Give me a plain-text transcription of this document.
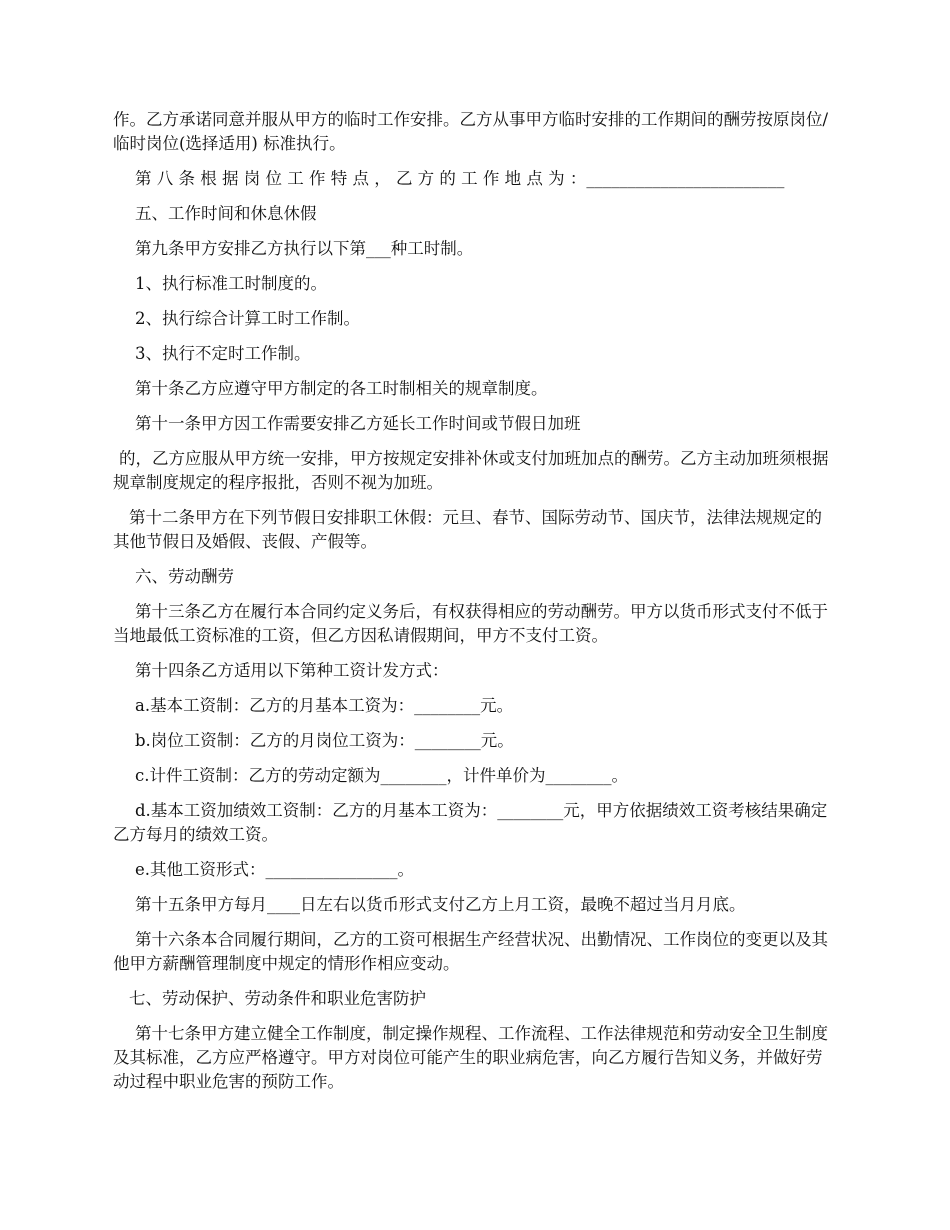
作。乙方承诺同意并服从甲方的临时工作安排。乙方从事甲方临时安排的工作期间的酬劳按原岗位/临时岗位(选择适用) 标准执行。

第 八 条 根 据 岗 位 工 作 特 点 ， 乙 方 的 工 作 地 点 为 ：________________________

五、工作时间和休息休假

第九条甲方安排乙方执行以下第___种工时制。

1、执行标准工时制度的。

2、执行综合计算工时工作制。

3、执行不定时工作制。

第十条乙方应遵守甲方制定的各工时制相关的规章制度。

第十一条甲方因工作需要安排乙方延长工作时间或节假日加班

的，乙方应服从甲方统一安排，甲方按规定安排补休或支付加班加点的酬劳。乙方主动加班须根据规章制度规定的程序报批，否则不视为加班。

第十二条甲方在下列节假日安排职工休假：元旦、春节、国际劳动节、国庆节，法律法规规定的其他节假日及婚假、丧假、产假等。

六、劳动酬劳

第十三条乙方在履行本合同约定义务后，有权获得相应的劳动酬劳。甲方以货币形式支付不低于当地最低工资标准的工资，但乙方因私请假期间，甲方不支付工资。

第十四条乙方适用以下第种工资计发方式：

a.基本工资制：乙方的月基本工资为：________元。

b.岗位工资制：乙方的月岗位工资为：________元。

c.计件工资制：乙方的劳动定额为________，计件单价为________。

d.基本工资加绩效工资制：乙方的月基本工资为：________元，甲方依据绩效工资考核结果确定乙方每月的绩效工资。

e.其他工资形式：________________。

第十五条甲方每月____日左右以货币形式支付乙方上月工资，最晚不超过当月月底。

第十六条本合同履行期间，乙方的工资可根据生产经营状况、出勤情况、工作岗位的变更以及其他甲方薪酬管理制度中规定的情形作相应变动。

七、劳动保护、劳动条件和职业危害防护

第十七条甲方建立健全工作制度，制定操作规程、工作流程、工作法律规范和劳动安全卫生制度及其标准，乙方应严格遵守。甲方对岗位可能产生的职业病危害，向乙方履行告知义务，并做好劳动过程中职业危害的预防工作。
